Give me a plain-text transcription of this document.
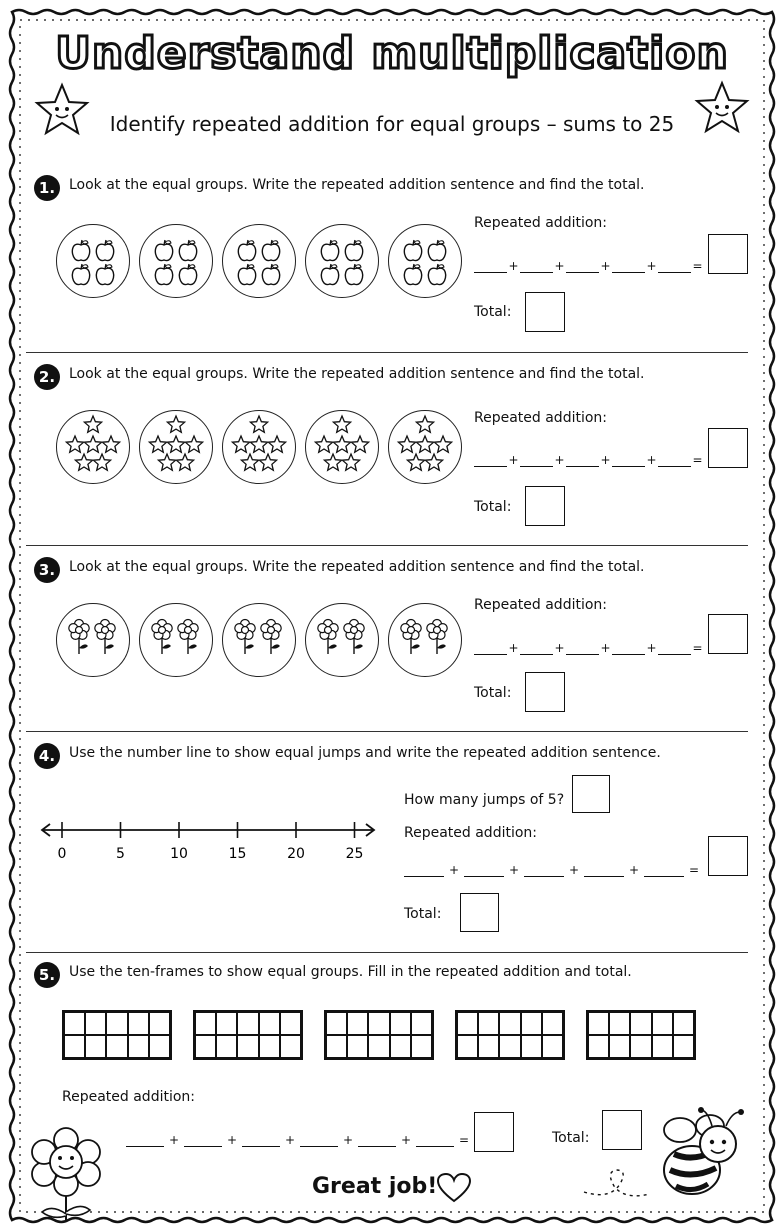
Understand multiplication
Identify repeated addition for equal groups – sums to 25
1. Look at the equal groups. Write the repeated addition sentence and find the total.
Repeated addition:
+	+	+	+	=
Total:
2. Look at the equal groups. Write the repeated addition sentence and find the total.
Repeated addition:
+	+	+	+	=
Total:
3. Look at the equal groups. Write the repeated addition sentence and find the total.
Repeated addition:
+	+	+	+	=
Total:
4. Use the number line to show equal jumps and write the repeated addition sentence.
0	5	10	15	20	25
How many jumps of 5?
Repeated addition:
+	+	+	+	=
Total:
5. Use the ten-frames to show equal groups. Fill in the repeated addition and total.
Repeated addition:
+	+	+	+	+	=	Total:
Great job!
